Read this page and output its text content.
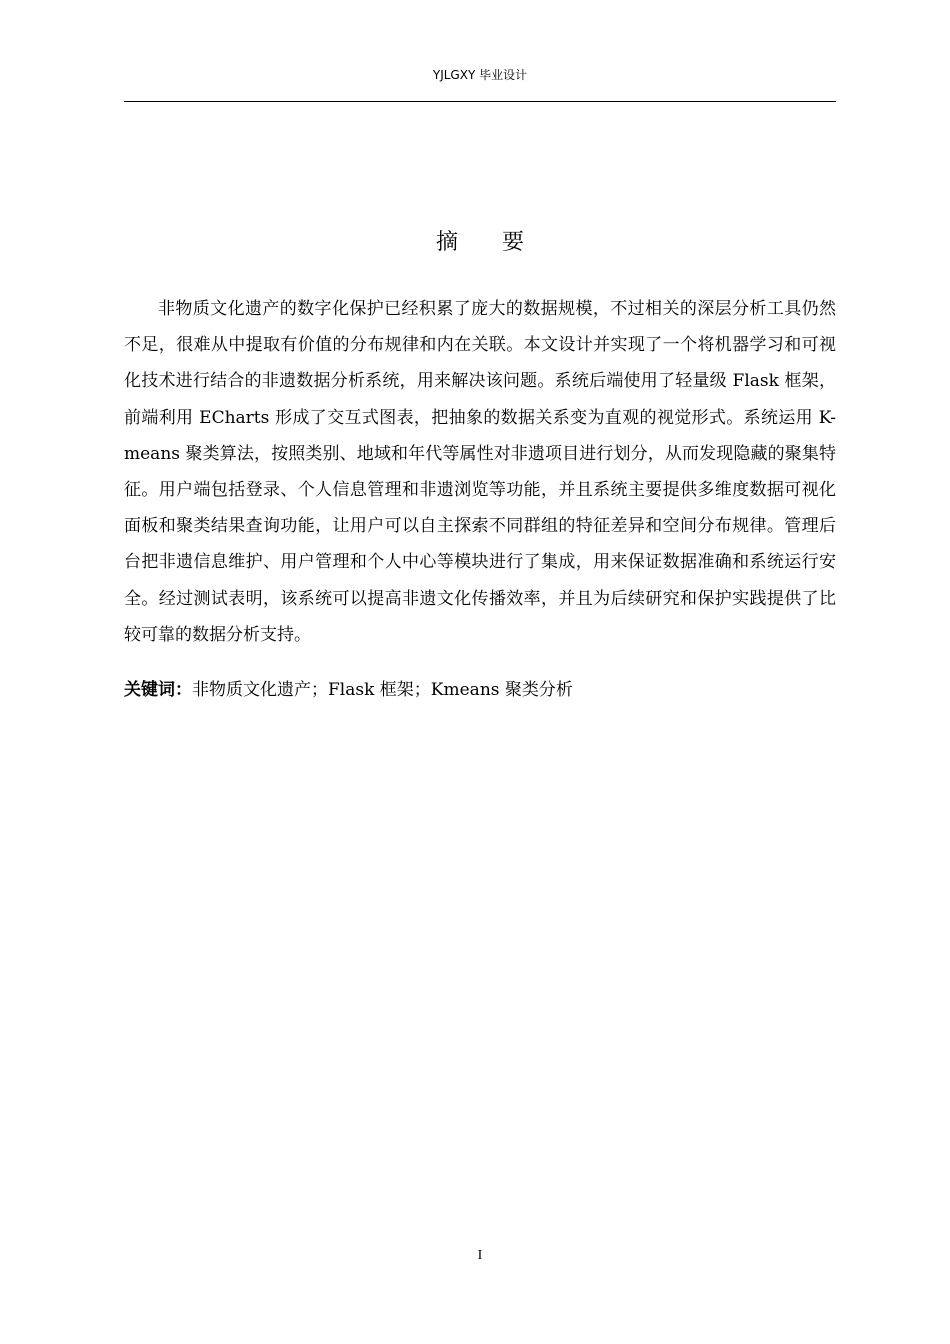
YJLGXY 毕业设计
摘 要

非物质文化遗产的数字化保护已经积累了庞大的数据规模，不过相关的深层分析工具仍然不足，很难从中提取有价值的分布规律和内在关联。本文设计并实现了一个将机器学习和可视化技术进行结合的非遗数据分析系统，用来解决该问题。系统后端使用了轻量级 Flask 框架，前端利用 ECharts 形成了交互式图表，把抽象的数据关系变为直观的视觉形式。系统运用 K-means 聚类算法，按照类别、地域和年代等属性对非遗项目进行划分，从而发现隐藏的聚集特征。用户端包括登录、个人信息管理和非遗浏览等功能，并且系统主要提供多维度数据可视化面板和聚类结果查询功能，让用户可以自主探索不同群组的特征差异和空间分布规律。管理后台把非遗信息维护、用户管理和个人中心等模块进行了集成，用来保证数据准确和系统运行安全。经过测试表明，该系统可以提高非遗文化传播效率，并且为后续研究和保护实践提供了比较可靠的数据分析支持。

关键词：非物质文化遗产；Flask 框架；Kmeans 聚类分析

I
